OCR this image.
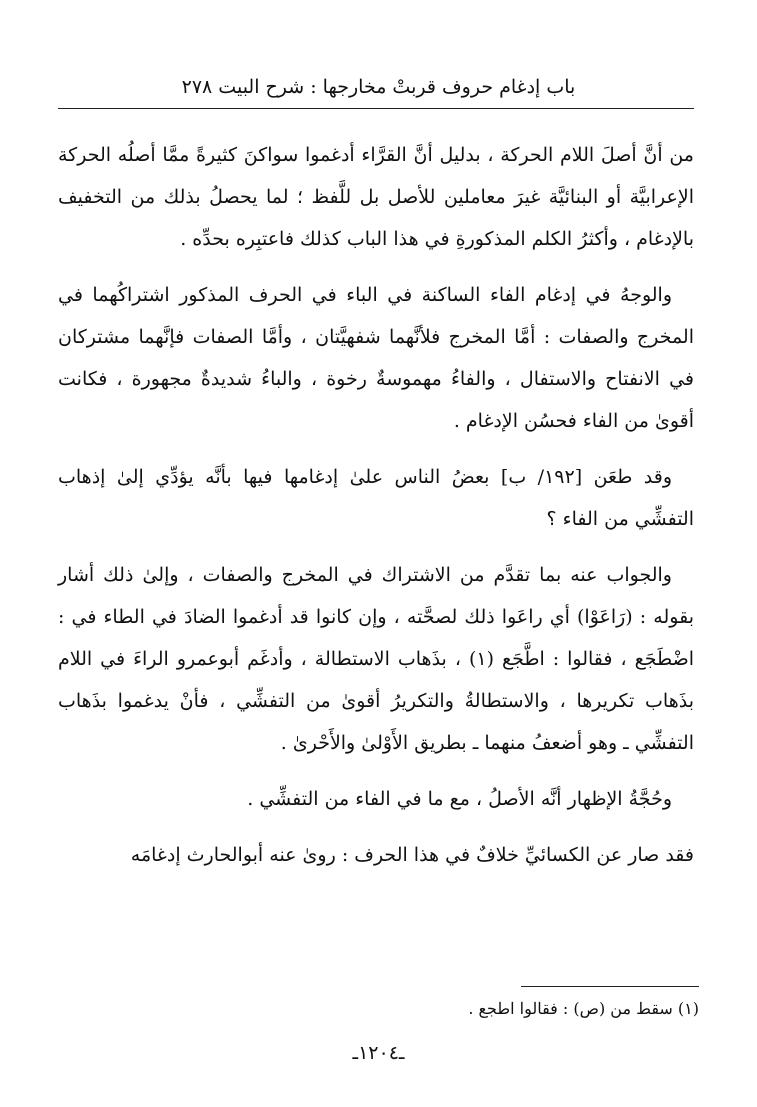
باب إدغام حروف قربتْ مخارجها : شرح البيت ٢٧٨

من أنَّ أصلَ اللام الحركة ، بدليل أنَّ القرَّاء أدغموا سواكنَ كثيرةً ممَّا أصلُه الحركة الإعرابيَّة أو البنائيَّة غيرَ معاملين للأصل بل للَّفظ ؛ لما يحصلُ بذلك من التخفيف بالإدغام ، وأكثرُ الكلم المذكورةِ في هذا الباب كذلك فاعتبِره بحدِّه .

والوجهُ في إدغام الفاء الساكنة في الباء في الحرف المذكور اشتراكُهما في المخرج والصفات : أمَّا المخرج فلأنَّهما شفهيَّتان ، وأمَّا الصفات فإنَّهما مشتركان في الانفتاح والاستفال ، والفاءُ مهموسةٌ رخوة ، والباءُ شديدةٌ مجهورة ، فكانت أقوىٰ من الفاء فحسُن الإدغام .

وقد طعَن [١٩٢/ ب] بعضُ الناس علىٰ إدغامها فيها بأنَّه يؤدِّي إلىٰ إذهاب التفشِّي من الفاء ؟

والجواب عنه بما تقدَّم من الاشتراك في المخرج والصفات ، وإلىٰ ذلك أشار بقوله : (رَاعَوْا) أي راعَوا ذلك لصحَّته ، وإن كانوا قد أدغموا الضادَ في الطاء في : اضْطَجَع ، فقالوا : اطَّجَع (١) ، بذَهاب الاستطالة ، وأدغَم أبوعمرو الراءَ في اللام بذَهاب تكريرها ، والاستطالةُ والتكريرُ أقوىٰ من التفشِّي ، فأنْ يدغموا بذَهاب التفشِّي ـ وهو أضعفُ منهما ـ بطريق الأَوْلىٰ والأَحْرىٰ .

وحُجَّةُ الإظهار أنَّه الأصلُ ، مع ما في الفاء من التفشِّي .

فقد صار عن الكسائيِّ خلافٌ في هذا الحرف : روىٰ عنه أبوالحارث إدغامَه

(١) سقط من (ص) : فقالوا اطجع .
ـ١٢٠٤ـ
